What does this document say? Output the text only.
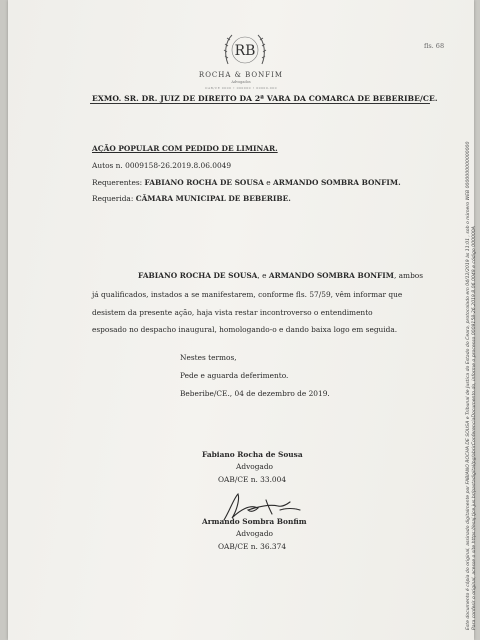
fls. 68
RB
ROCHA & BONFIM
Advogados
OAB/CE 0000 • 000000 • 00000-000
EXMO. SR. DR. JUIZ DE DIREITO DA 2ª VARA DA COMARCA DE BEBERIBE/CE.
AÇÃO POPULAR COM PEDIDO DE LIMINAR.
Autos n. 0009158-26.2019.8.06.0049
Requerentes: FABIANO ROCHA DE SOUSA e ARMANDO SOMBRA BONFIM.
Requerida: CÂMARA MUNICIPAL DE BEBERIBE.
FABIANO ROCHA DE SOUSA, e ARMANDO SOMBRA BONFIM, ambos
já qualificados, instados a se manifestarem, conforme fls. 57/59, vêm informar que
desistem da presente ação, haja vista restar incontroverso o entendimento
esposado no despacho inaugural, homologando-o e dando baixa logo em seguida.
Nestes termos,
Pede e aguarda deferimento.
Beberibe/CE., 04 de dezembro de 2019.
Fabiano Rocha de Sousa
Advogado
OAB/CE n. 33.004
Armando Sombra Bonfim
Advogado
OAB/CE n. 36.374	Este documento é cópia do original, assinado digitalmente por FABIANO ROCHA DE SOUSA e Tribunal de Justica do Estado do Ceara, protocolado em 04/12/2019 às 11:01 , sob o número WEB 0000000000000000 Para conferir o original, acesse o site https://esaj.tjce.jus.br/pastadigital/pg/abrirConferenciaDocumento.do, informe o processo 0009158-26.2019.8.06.0049 e código 000000A
